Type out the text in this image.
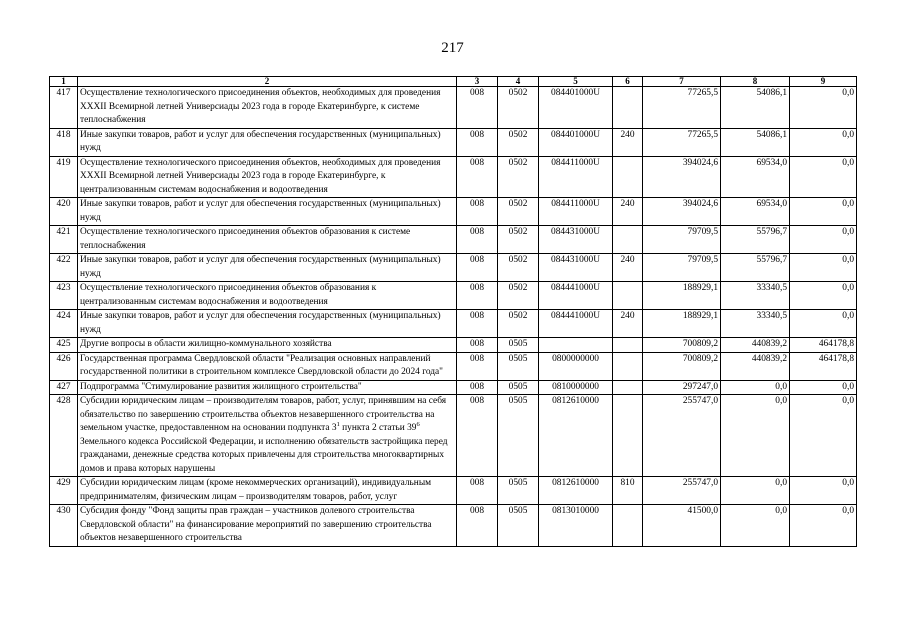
217
1	2	3	4	5	6	7	8	9
417	Осуществление технологического присоединения объектов, необходимых для проведения XXXII Всемирной летней Универсиады 2023 года в городе Екатеринбурге, к системе теплоснабжения	008	0502	084401000U		77265,5	54086,1	0,0
418	Иные закупки товаров, работ и услуг для обеспечения государственных (муниципальных) нужд	008	0502	084401000U	240	77265,5	54086,1	0,0
419	Осуществление технологического присоединения объектов, необходимых для проведения XXXII Всемирной летней Универсиады 2023 года в городе Екатеринбурге, к централизованным системам водоснабжения и водоотведения	008	0502	084411000U		394024,6	69534,0	0,0
420	Иные закупки товаров, работ и услуг для обеспечения государственных (муниципальных) нужд	008	0502	084411000U	240	394024,6	69534,0	0,0
421	Осуществление технологического присоединения объектов образования к системе теплоснабжения	008	0502	084431000U		79709,5	55796,7	0,0
422	Иные закупки товаров, работ и услуг для обеспечения государственных (муниципальных) нужд	008	0502	084431000U	240	79709,5	55796,7	0,0
423	Осуществление технологического присоединения объектов образования к централизованным системам водоснабжения и водоотведения	008	0502	084441000U		188929,1	33340,5	0,0
424	Иные закупки товаров, работ и услуг для обеспечения государственных (муниципальных) нужд	008	0502	084441000U	240	188929,1	33340,5	0,0
425	Другие вопросы в области жилищно-коммунального хозяйства	008	0505			700809,2	440839,2	464178,8
426	Государственная программа Свердловской области "Реализация основных направлений государственной политики в строительном комплексе Свердловской области до 2024 года"	008	0505	0800000000		700809,2	440839,2	464178,8
427	Подпрограмма "Стимулирование развития жилищного строительства"	008	0505	0810000000		297247,0	0,0	0,0
428	Субсидии юридическим лицам – производителям товаров, работ, услуг, принявшим на себя обязательство по завершению строительства объектов незавершенного строительства на земельном участке, предоставленном на основании подпункта $3^1$ пункта 2 статьи $39^6$ Земельного кодекса Российской Федерации, и исполнению обязательств застройщика перед гражданами, денежные средства которых привлечены для строительства многоквартирных домов и права которых нарушены	008	0505	0812610000		255747,0	0,0	0,0
429	Субсидии юридическим лицам (кроме некоммерческих организаций), индивидуальным предпринимателям, физическим лицам – производителям товаров, работ, услуг	008	0505	0812610000	810	255747,0	0,0	0,0
430	Субсидия фонду "Фонд защиты прав граждан – участников долевого строительства Свердловской области" на финансирование мероприятий по завершению строительства объектов незавершенного строительства	008	0505	0813010000		41500,0	0,0	0,0
